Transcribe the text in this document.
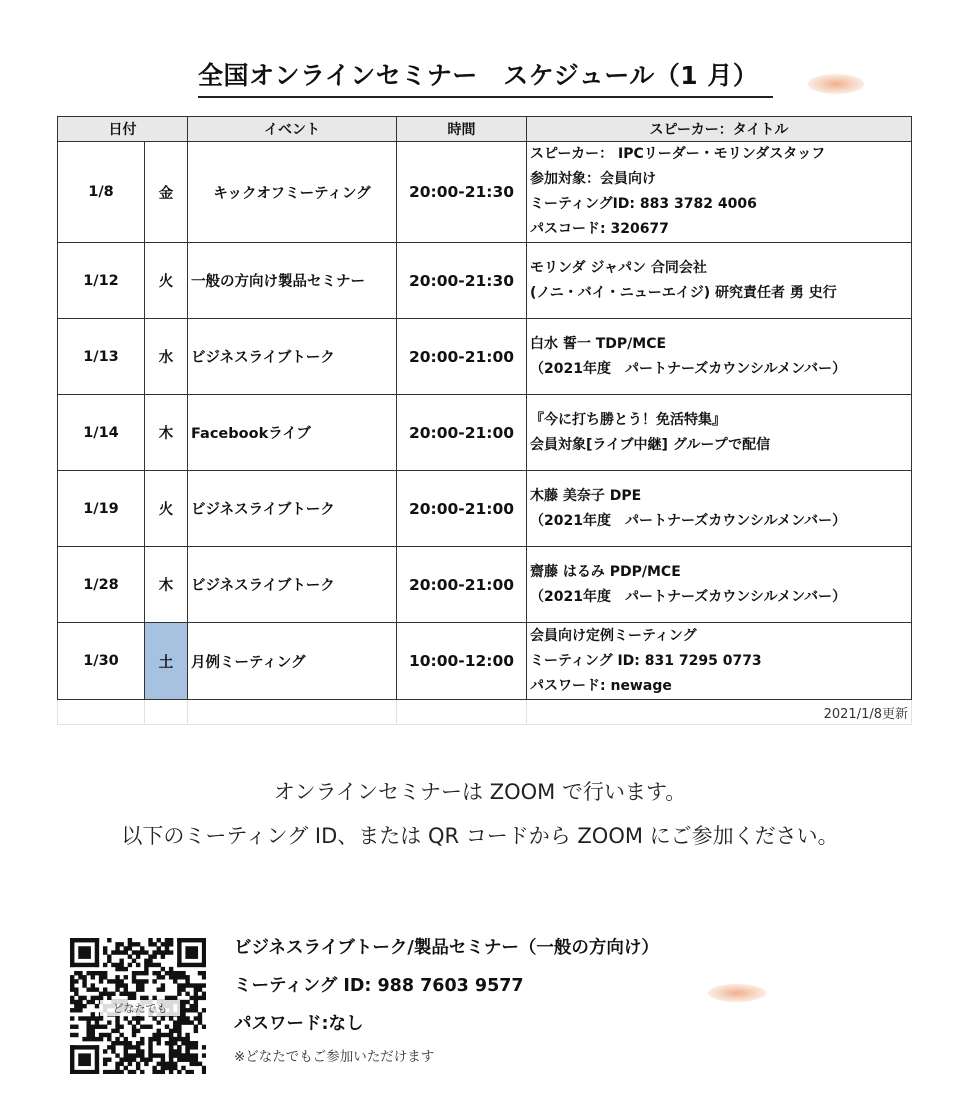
全国オンラインセミナー　スケジュール（1 月）
日付		イベント	時間	スピーカー：タイトル
1/8	金	キックオフミーティング	20:00-21:30	スピーカー： IPCリーダー・モリンダスタッフ
参加対象：会員向け
ミーティングID: 883 3782 4006
パスコード: 320677

1/12	火	一般の方向け製品セミナー	20:00-21:30	モリンダ ジャパン 合同会社
(ノニ・バイ・ニューエイジ) 研究責任者 勇 史行

1/13	水	ビジネスライブトーク	20:00-21:00	白水 誓一 TDP/MCE
（2021年度　パートナーズカウンシルメンバー）

1/14	木	Facebookライブ	20:00-21:00	『今に打ち勝とう！免活特集』
会員対象[ライブ中継] グループで配信

1/19	火	ビジネスライブトーク	20:00-21:00	木藤 美奈子 DPE
（2021年度　パートナーズカウンシルメンバー）

1/28	木	ビジネスライブトーク	20:00-21:00	齋藤 はるみ PDP/MCE
（2021年度　パートナーズカウンシルメンバー）

1/30	土	月例ミーティング	10:00-12:00	会員向け定例ミーティング
ミーティング ID: 831 7295 0773
パスワード: newage

				2021/1/8更新
オンラインセミナーは ZOOM で行います。
以下のミーティング ID、または QR コードから ZOOM にご参加ください。
どなたでも
ビジネスライブトーク/製品セミナー（一般の方向け）
ミーティング ID: 988 7603 9577
パスワード:なし
※どなたでもご参加いただけます
